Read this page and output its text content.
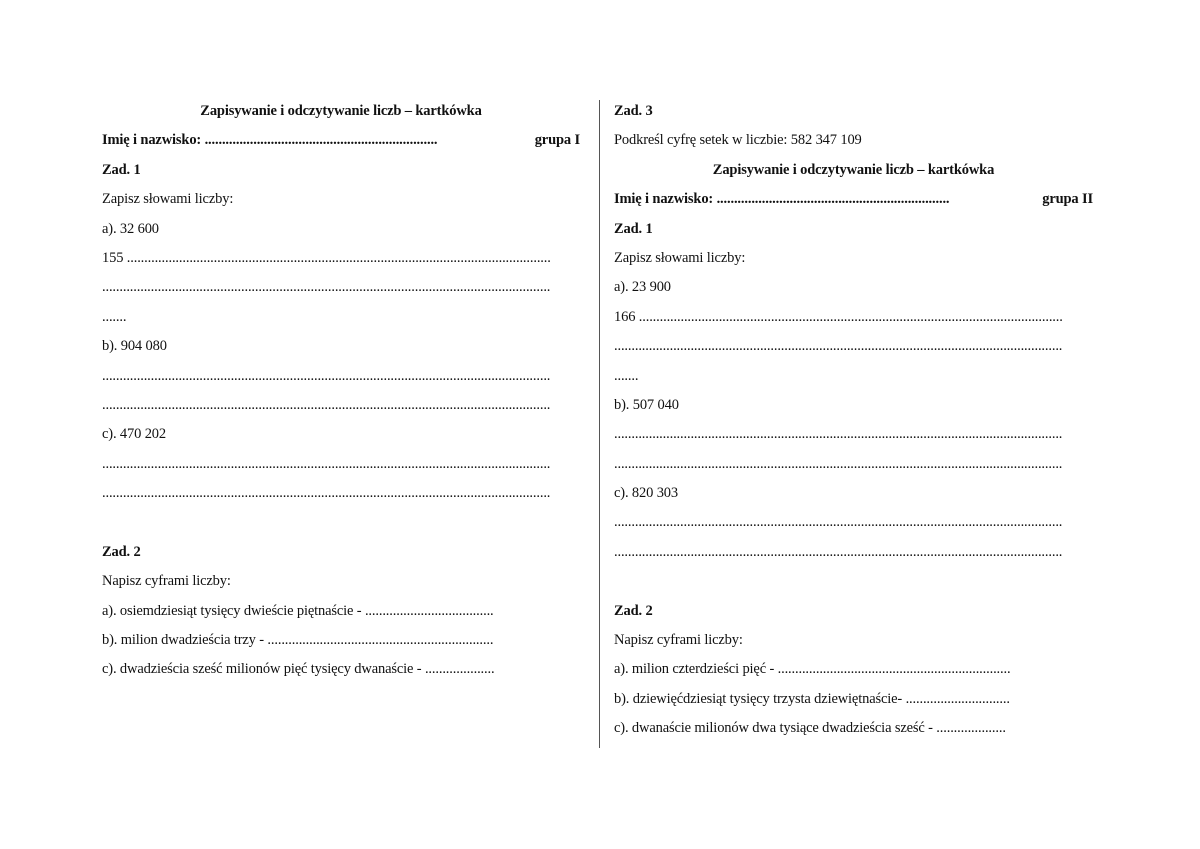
Zapisywanie i odczytywanie liczb – kartkówka
Imię i nazwisko: ...................................................................	grupa I
Zad. 1
Zapisz słowami liczby:
a). 32 600
155 ..........................................................................................................................
.................................................................................................................................
.......
b). 904 080
.................................................................................................................................
.................................................................................................................................
c). 470 202
.................................................................................................................................
.................................................................................................................................
Zad. 2
Napisz cyframi liczby:
a). osiemdziesiąt tysięcy dwieście piętnaście - .....................................
b). milion dwadzieścia trzy - .................................................................
c). dwadzieścia sześć milionów pięć tysięcy dwanaście - ....................
Zad. 3
Podkreśl cyfrę setek w liczbie: 582 347 109
Zapisywanie i odczytywanie liczb – kartkówka
Imię i nazwisko: ...................................................................	grupa II
Zad. 1
Zapisz słowami liczby:
a). 23 900
166 ..........................................................................................................................
.................................................................................................................................
.......
b). 507 040
.................................................................................................................................
.................................................................................................................................
c). 820 303
.................................................................................................................................
.................................................................................................................................
Zad. 2
Napisz cyframi liczby:
a). milion czterdzieści pięć - ...................................................................
b). dziewięćdziesiąt tysięcy trzysta dziewiętnaście- ..............................
c). dwanaście milionów dwa tysiące dwadzieścia sześć - ....................
